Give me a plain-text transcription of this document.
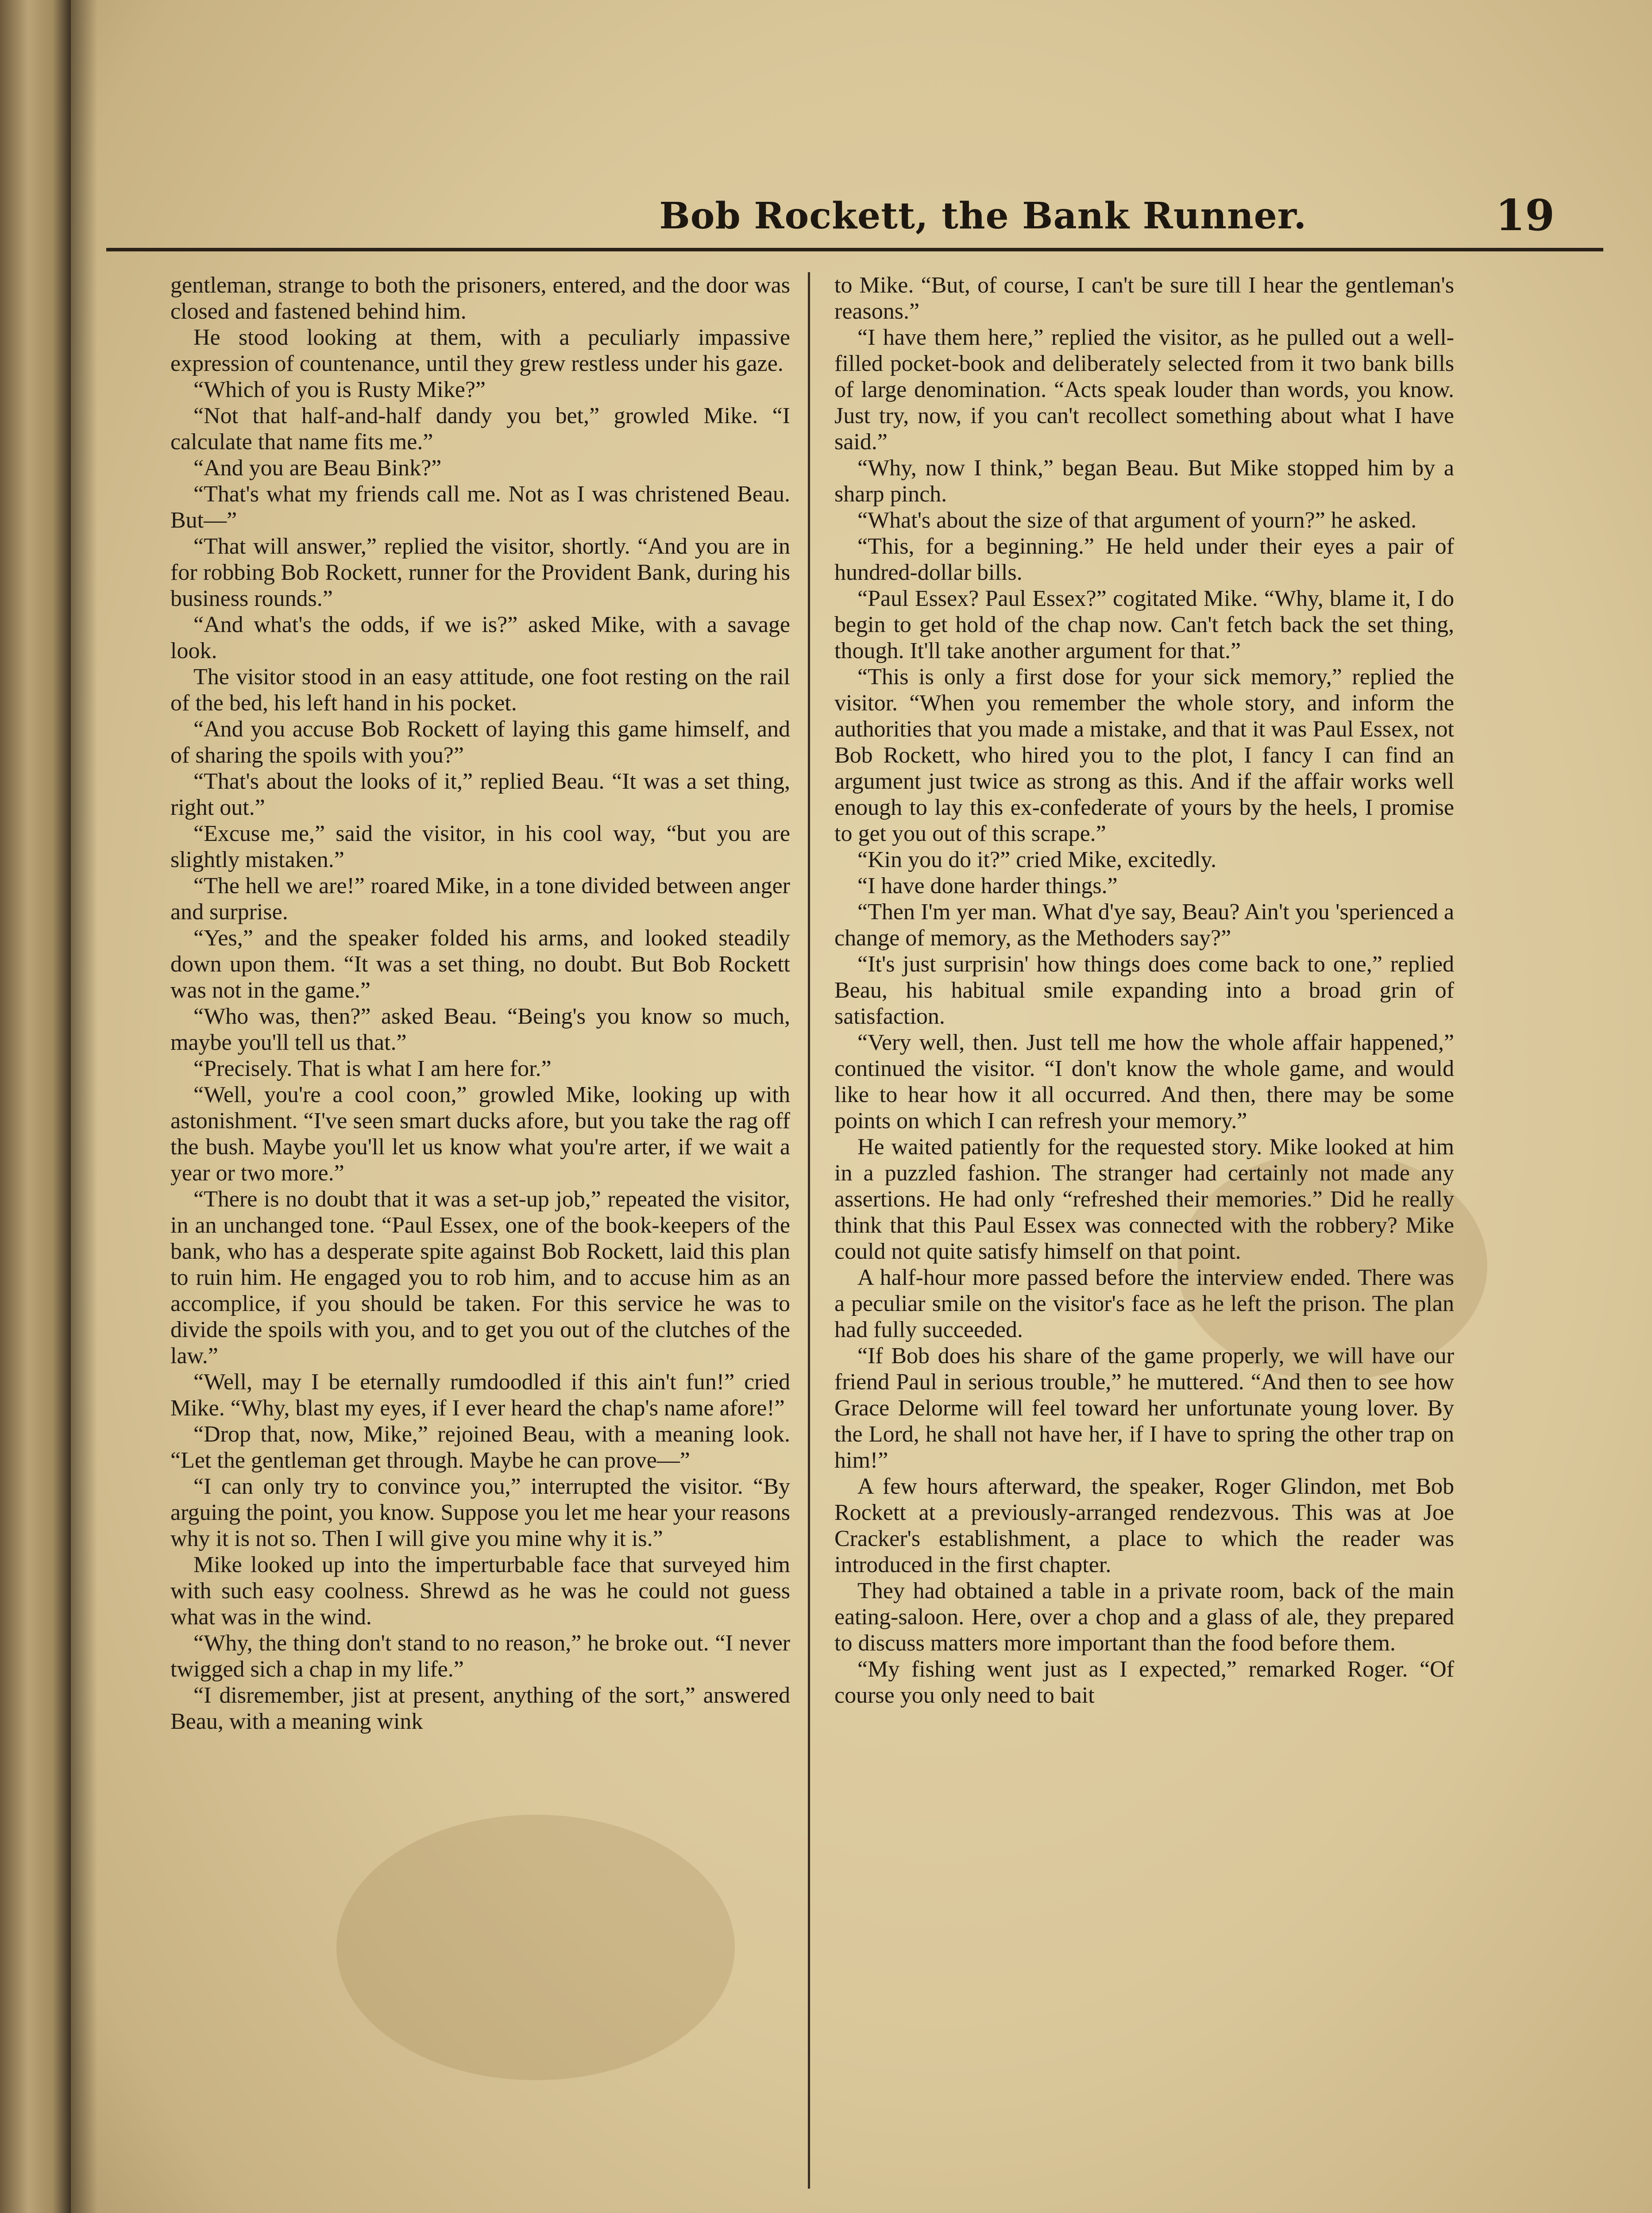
Bob Rockett, the Bank Runner.	19

gentleman, strange to both the prisoners, entered, and the door was closed and fastened behind him.

He stood looking at them, with a peculiarly impassive expression of countenance, until they grew restless under his gaze.

“Which of you is Rusty Mike?”

“Not that half-and-half dandy you bet,” growled Mike. “I calculate that name fits me.”

“And you are Beau Bink?”

“That's what my friends call me. Not as I was christened Beau. But—”

“That will answer,” replied the visitor, shortly. “And you are in for robbing Bob Rockett, runner for the Provident Bank, during his business rounds.”

“And what's the odds, if we is?” asked Mike, with a savage look.

The visitor stood in an easy attitude, one foot resting on the rail of the bed, his left hand in his pocket.

“And you accuse Bob Rockett of laying this game himself, and of sharing the spoils with you?”

“That's about the looks of it,” replied Beau. “It was a set thing, right out.”

“Excuse me,” said the visitor, in his cool way, “but you are slightly mistaken.”

“The hell we are!” roared Mike, in a tone divided between anger and surprise.

“Yes,” and the speaker folded his arms, and looked steadily down upon them. “It was a set thing, no doubt. But Bob Rockett was not in the game.”

“Who was, then?” asked Beau. “Being's you know so much, maybe you'll tell us that.”

“Precisely. That is what I am here for.”

“Well, you're a cool coon,” growled Mike, looking up with astonishment. “I've seen smart ducks afore, but you take the rag off the bush. Maybe you'll let us know what you're arter, if we wait a year or two more.”

“There is no doubt that it was a set-up job,” repeated the visitor, in an unchanged tone. “Paul Essex, one of the book-keepers of the bank, who has a desperate spite against Bob Rockett, laid this plan to ruin him. He engaged you to rob him, and to accuse him as an accomplice, if you should be taken. For this service he was to divide the spoils with you, and to get you out of the clutches of the law.”

“Well, may I be eternally rumdoodled if this ain't fun!” cried Mike. “Why, blast my eyes, if I ever heard the chap's name afore!”

“Drop that, now, Mike,” rejoined Beau, with a meaning look. “Let the gentleman get through. Maybe he can prove—”

“I can only try to convince you,” interrupted the visitor. “By arguing the point, you know. Suppose you let me hear your reasons why it is not so. Then I will give you mine why it is.”

Mike looked up into the imperturbable face that surveyed him with such easy coolness. Shrewd as he was he could not guess what was in the wind.

“Why, the thing don't stand to no reason,” he broke out. “I never twigged sich a chap in my life.”

“I disremember, jist at present, anything of the sort,” answered Beau, with a meaning wink

to Mike. “But, of course, I can't be sure till I hear the gentleman's reasons.”

“I have them here,” replied the visitor, as he pulled out a well-filled pocket-book and deliberately selected from it two bank bills of large denomination. “Acts speak louder than words, you know. Just try, now, if you can't recollect something about what I have said.”

“Why, now I think,” began Beau. But Mike stopped him by a sharp pinch.

“What's about the size of that argument of yourn?” he asked.

“This, for a beginning.” He held under their eyes a pair of hundred-dollar bills.

“Paul Essex? Paul Essex?” cogitated Mike. “Why, blame it, I do begin to get hold of the chap now. Can't fetch back the set thing, though. It'll take another argument for that.”

“This is only a first dose for your sick memory,” replied the visitor. “When you remember the whole story, and inform the authorities that you made a mistake, and that it was Paul Essex, not Bob Rockett, who hired you to the plot, I fancy I can find an argument just twice as strong as this. And if the affair works well enough to lay this ex-confederate of yours by the heels, I promise to get you out of this scrape.”

“Kin you do it?” cried Mike, excitedly.

“I have done harder things.”

“Then I'm yer man. What d'ye say, Beau? Ain't you 'sperienced a change of memory, as the Methoders say?”

“It's just surprisin' how things does come back to one,” replied Beau, his habitual smile expanding into a broad grin of satisfaction.

“Very well, then. Just tell me how the whole affair happened,” continued the visitor. “I don't know the whole game, and would like to hear how it all occurred. And then, there may be some points on which I can refresh your memory.”

He waited patiently for the requested story. Mike looked at him in a puzzled fashion. The stranger had certainly not made any assertions. He had only “refreshed their memories.” Did he really think that this Paul Essex was connected with the robbery? Mike could not quite satisfy himself on that point.

A half-hour more passed before the interview ended. There was a peculiar smile on the visitor's face as he left the prison. The plan had fully succeeded.

“If Bob does his share of the game properly, we will have our friend Paul in serious trouble,” he muttered. “And then to see how Grace Delorme will feel toward her unfortunate young lover. By the Lord, he shall not have her, if I have to spring the other trap on him!”

A few hours afterward, the speaker, Roger Glindon, met Bob Rockett at a previously-arranged rendezvous. This was at Joe Cracker's establishment, a place to which the reader was introduced in the first chapter.

They had obtained a table in a private room, back of the main eating-saloon. Here, over a chop and a glass of ale, they prepared to discuss matters more important than the food before them.

“My fishing went just as I expected,” remarked Roger. “Of course you only need to bait
